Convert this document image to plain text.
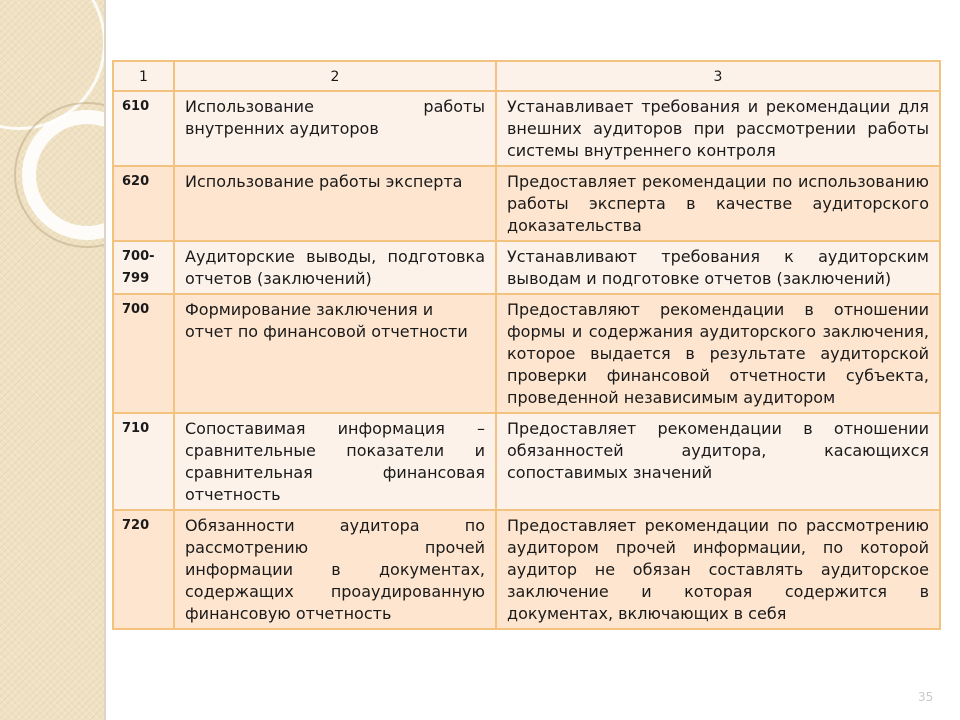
1	2	3
610	Использование работы внутренних аудиторов	Устанавливает требования и рекомендации для внешних аудиторов при рассмотрении работы системы внутреннего контроля
620	Использование работы эксперта	Предоставляет рекомендации по использованию работы эксперта в качестве аудиторского доказательства
700-799	Аудиторские выводы, подготовка отчетов (заключений)	Устанавливают требования к аудиторским выводам и подготовке отчетов (заключений)
700	Формирование заключения и отчет по финансовой отчетности	Предоставляют рекомендации в отношении формы и содержания аудиторского заключения, которое выдается в результате аудиторской проверки финансовой отчетности субъекта, проведенной независимым аудитором
710	Сопоставимая информация – сравнительные показатели и сравнительная финансовая отчетность	Предоставляет рекомендации в отношении обязанностей аудитора, касающихся сопоставимых значений
720	Обязанности аудитора по рассмотрению прочей информации в документах, содержащих проаудированную финансовую отчетность	Предоставляет рекомендации по рассмотрению аудитором прочей информации, по которой аудитор не обязан составлять аудиторское заключение и которая содержится в документах, включающих в себя
35
